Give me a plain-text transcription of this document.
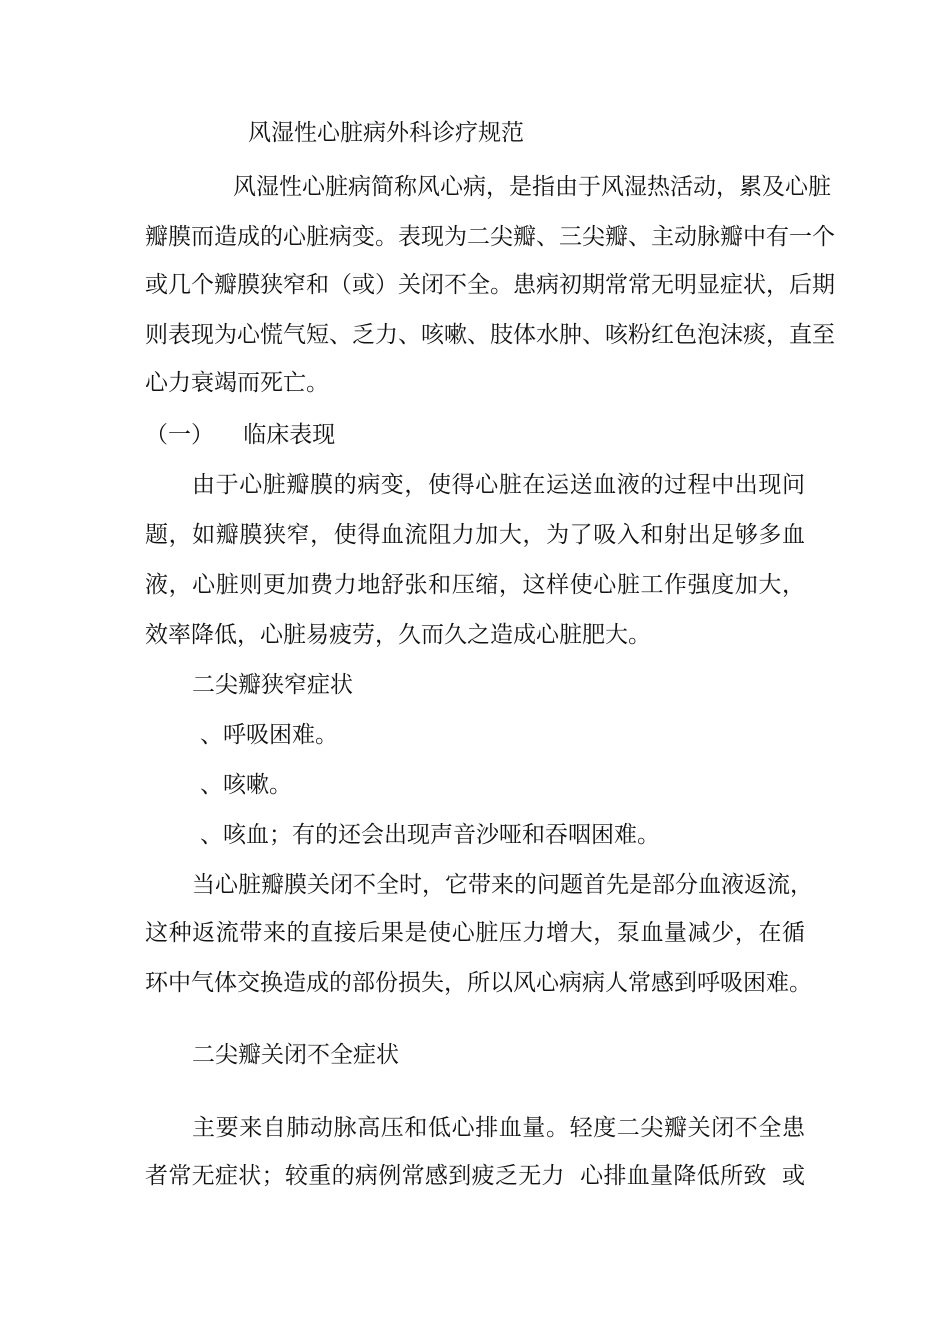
风湿性心脏病外科诊疗规范
风湿性心脏病简称风心病，是指由于风湿热活动，累及心脏
瓣膜而造成的心脏病变。表现为二尖瓣、三尖瓣、主动脉瓣中有一个
或几个瓣膜狭窄和（或）关闭不全。患病初期常常无明显症状，后期
则表现为心慌气短、乏力、咳嗽、肢体水肿、咳粉红色泡沫痰，直至
心力衰竭而死亡。
（一）    临床表现
由于心脏瓣膜的病变，使得心脏在运送血液的过程中出现问
题，如瓣膜狭窄，使得血流阻力加大，为了吸入和射出足够多血
液，心脏则更加费力地舒张和压缩，这样使心脏工作强度加大，
效率降低，心脏易疲劳，久而久之造成心脏肥大。
二尖瓣狭窄症状
、呼吸困难。
、咳嗽。
、咳血；有的还会出现声音沙哑和吞咽困难。
当心脏瓣膜关闭不全时，它带来的问题首先是部分血液返流，
这种返流带来的直接后果是使心脏压力增大，泵血量减少，在循
环中气体交换造成的部份损失，所以风心病病人常感到呼吸困难。
二尖瓣关闭不全症状
主要来自肺动脉高压和低心排血量。轻度二尖瓣关闭不全患
者常无症状；较重的病例常感到疲乏无力  心排血量降低所致  或
